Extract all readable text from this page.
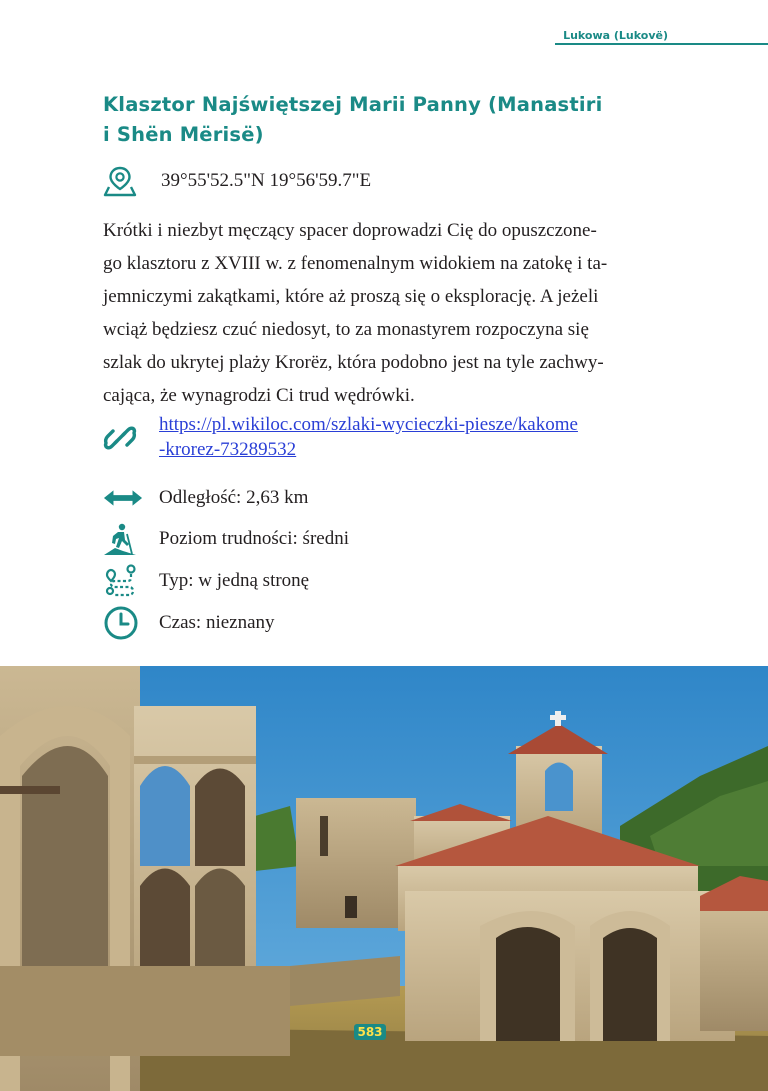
Lukowa (Lukovë)
Klasztor Najświętszej Marii Panny (Manastiri
i Shën Mërisë)
39°55'52.5"N 19°56'59.7"E
Krótki i niezbyt męczący spacer doprowadzi Cię do opuszczone-
go klasztoru z XVIII w. z fenomenalnym widokiem na zatokę i ta-
jemniczymi zakątkami, które aż proszą się o eksplorację. A jeżeli
wciąż będziesz czuć niedosyt, to za monastyrem rozpoczyna się
szlak do ukrytej plaży Krorëz, która podobno jest na tyle zachwy-
cająca, że wynagrodzi Ci trud wędrówki.
https://pl.wikiloc.com/szlaki-wycieczki-piesze/kakome
-krorez-73289532
Odległość: 2,63 km
Poziom trudności: średni
Typ: w jedną stronę
Czas: nieznany
583
